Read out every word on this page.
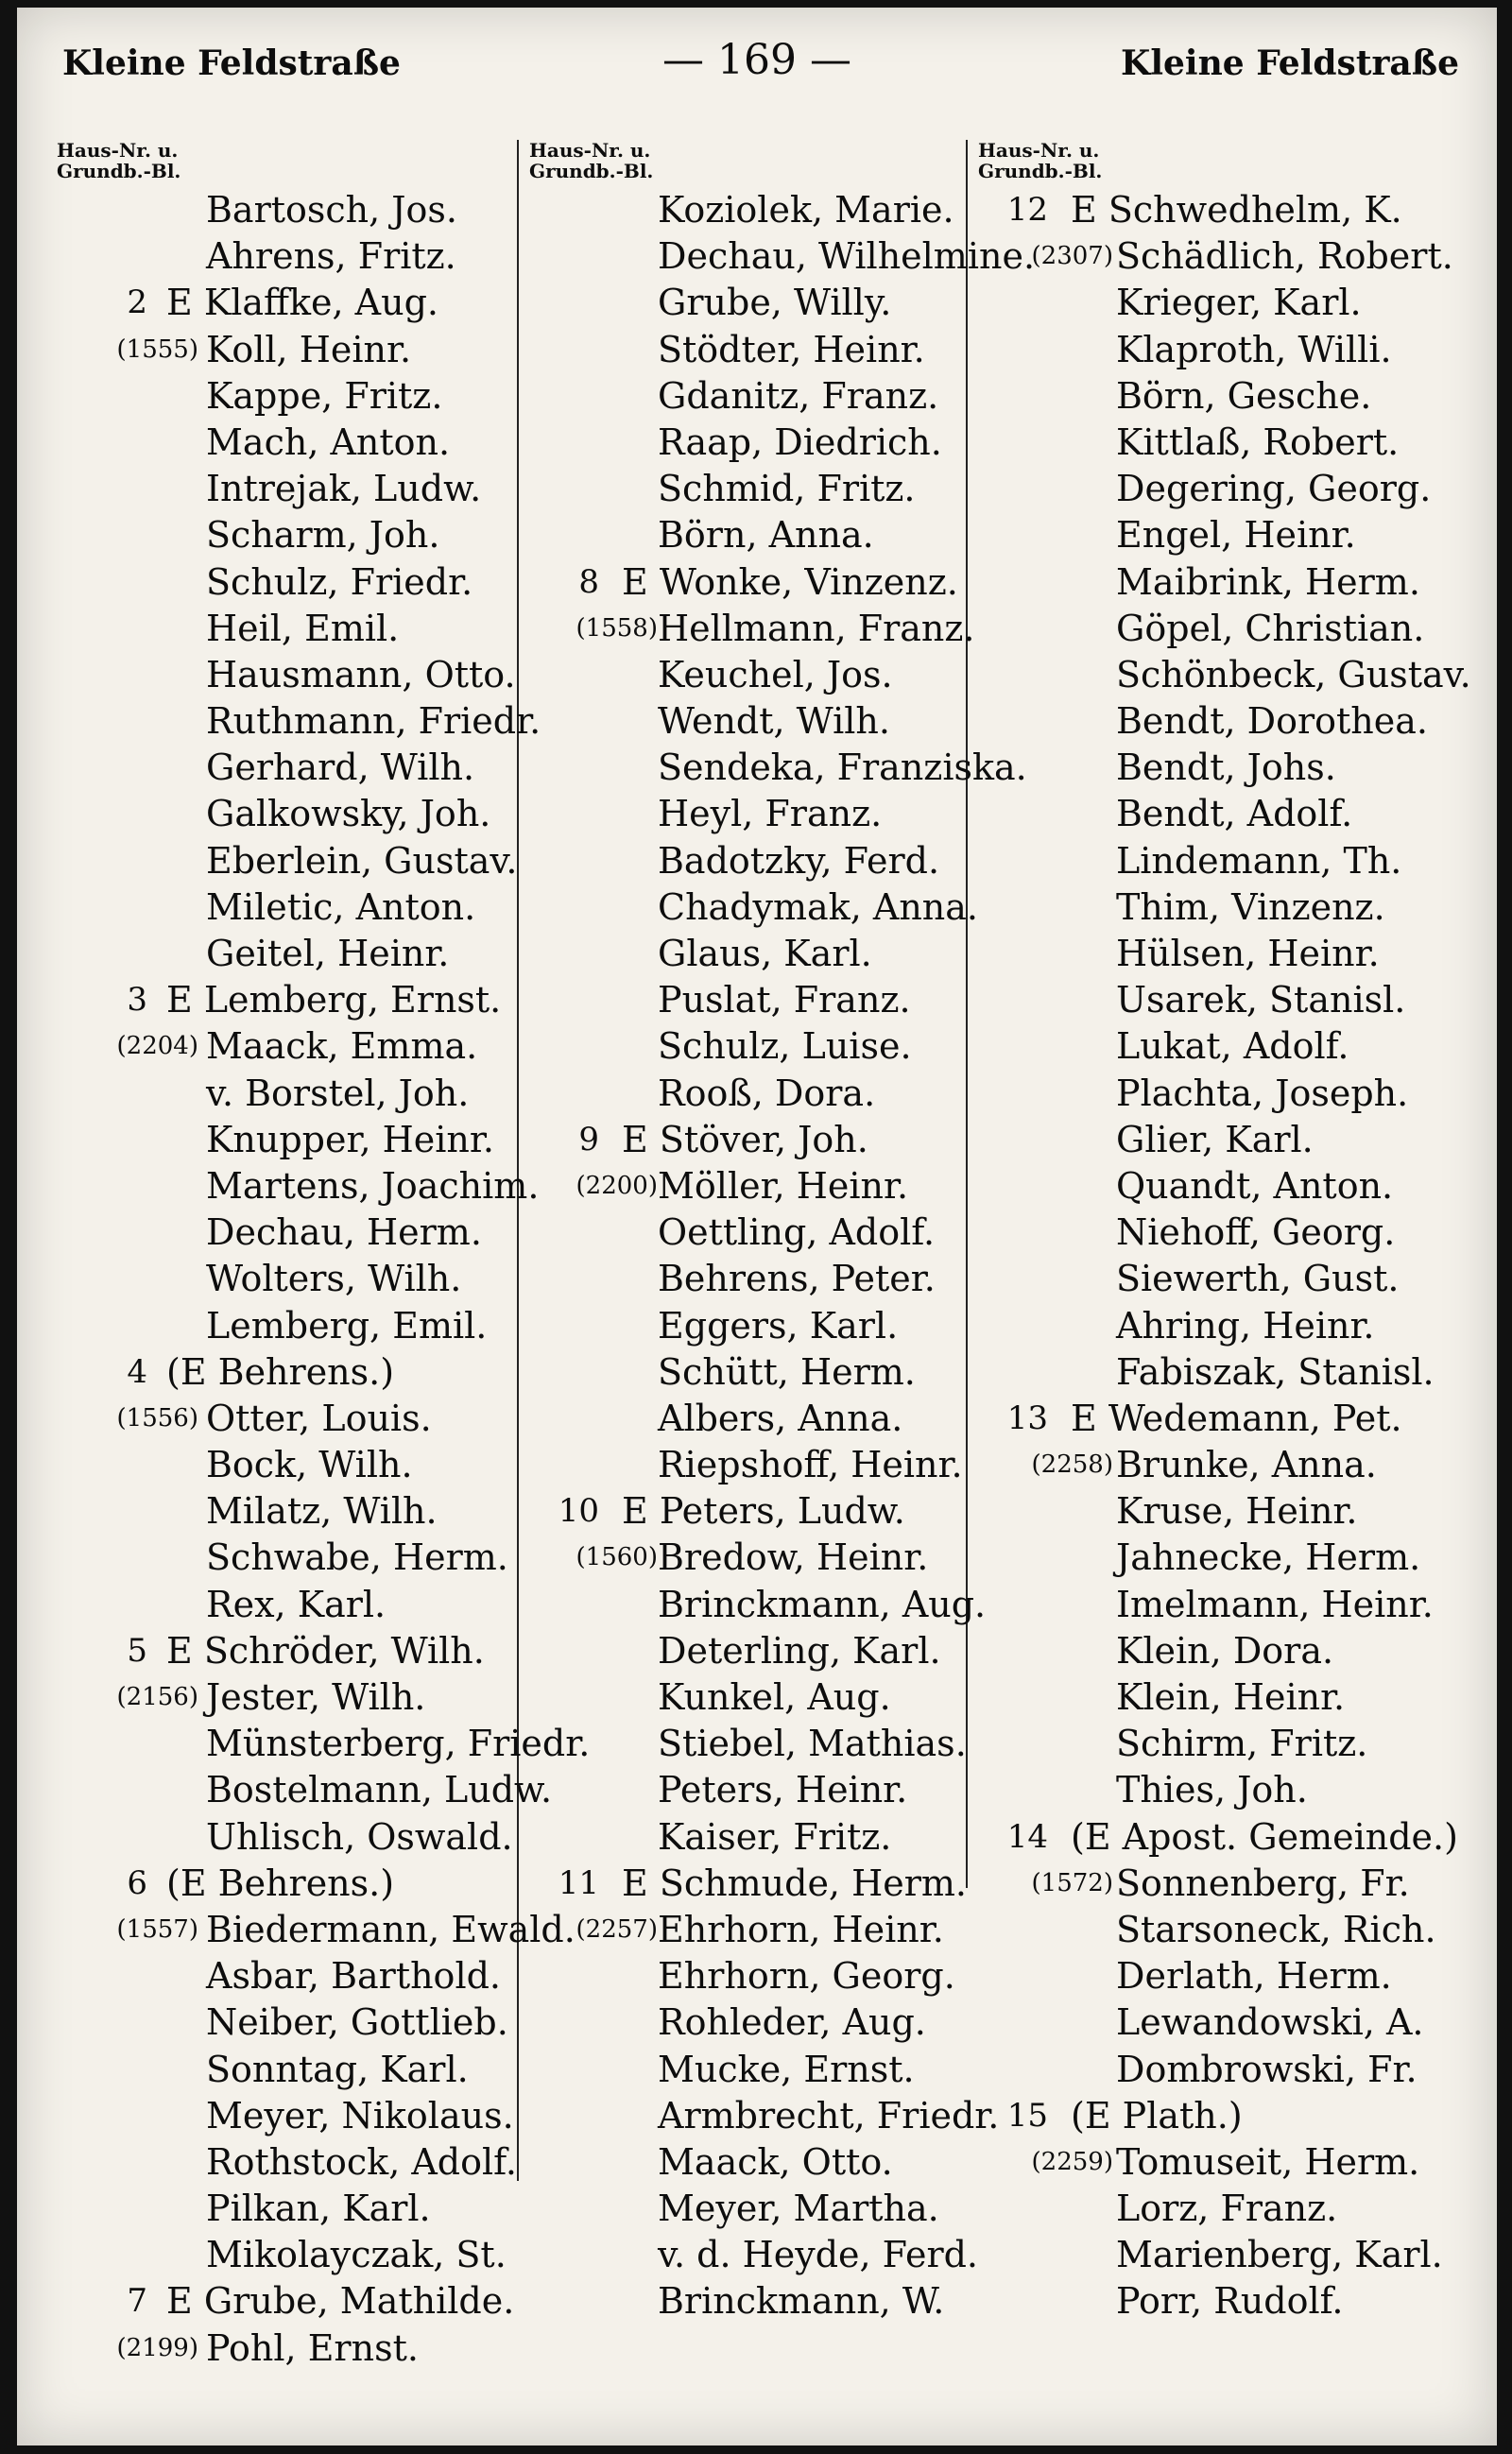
Kleine Feldstraße	— 169 —	Kleine Feldstraße
Haus-Nr. u.
Grundb.-Bl.
Bartosch, Jos.
Ahrens, Fritz.
2 E Klaffke, Aug.
(1555) Koll, Heinr.
Kappe, Fritz.
Mach, Anton.
Intrejak, Ludw.
Scharm, Joh.
Schulz, Friedr.
Heil, Emil.
Hausmann, Otto.
Ruthmann, Friedr.
Gerhard, Wilh.
Galkowsky, Joh.
Eberlein, Gustav.
Miletic, Anton.
Geitel, Heinr.
3 E Lemberg, Ernst.
(2204) Maack, Emma.
v. Borstel, Joh.
Knupper, Heinr.
Martens, Joachim.
Dechau, Herm.
Wolters, Wilh.
Lemberg, Emil.
4 (E Behrens.)
(1556) Otter, Louis.
Bock, Wilh.
Milatz, Wilh.
Schwabe, Herm.
Rex, Karl.
5 E Schröder, Wilh.
(2156) Jester, Wilh.
Münsterberg, Friedr.
Bostelmann, Ludw.
Uhlisch, Oswald.
6 (E Behrens.)
(1557) Biedermann, Ewald.
Asbar, Barthold.
Neiber, Gottlieb.
Sonntag, Karl.
Meyer, Nikolaus.
Rothstock, Adolf.
Pilkan, Karl.
Mikolayczak, St.
7 E Grube, Mathilde.
(2199) Pohl, Ernst.
Haus-Nr. u.
Grundb.-Bl.
Koziolek, Marie.
Dechau, Wilhelmine.
Grube, Willy.
Stödter, Heinr.
Gdanitz, Franz.
Raap, Diedrich.
Schmid, Fritz.
Börn, Anna.
8 E Wonke, Vinzenz.
(1558) Hellmann, Franz.
Keuchel, Jos.
Wendt, Wilh.
Sendeka, Franziska.
Heyl, Franz.
Badotzky, Ferd.
Chadymak, Anna.
Glaus, Karl.
Puslat, Franz.
Schulz, Luise.
Rooß, Dora.
9 E Stöver, Joh.
(2200) Möller, Heinr.
Oettling, Adolf.
Behrens, Peter.
Eggers, Karl.
Schütt, Herm.
Albers, Anna.
Riepshoff, Heinr.
10 E Peters, Ludw.
(1560) Bredow, Heinr.
Brinckmann, Aug.
Deterling, Karl.
Kunkel, Aug.
Stiebel, Mathias.
Peters, Heinr.
Kaiser, Fritz.
11 E Schmude, Herm.
(2257) Ehrhorn, Heinr.
Ehrhorn, Georg.
Rohleder, Aug.
Mucke, Ernst.
Armbrecht, Friedr.
Maack, Otto.
Meyer, Martha.
v. d. Heyde, Ferd.
Brinckmann, W.
Haus-Nr. u.
Grundb.-Bl.
12 E Schwedhelm, K.
(2307) Schädlich, Robert.
Krieger, Karl.
Klaproth, Willi.
Börn, Gesche.
Kittlaß, Robert.
Degering, Georg.
Engel, Heinr.
Maibrink, Herm.
Göpel, Christian.
Schönbeck, Gustav.
Bendt, Dorothea.
Bendt, Johs.
Bendt, Adolf.
Lindemann, Th.
Thim, Vinzenz.
Hülsen, Heinr.
Usarek, Stanisl.
Lukat, Adolf.
Plachta, Joseph.
Glier, Karl.
Quandt, Anton.
Niehoff, Georg.
Siewerth, Gust.
Ahring, Heinr.
Fabiszak, Stanisl.
13 E Wedemann, Pet.
(2258) Brunke, Anna.
Kruse, Heinr.
Jahnecke, Herm.
Imelmann, Heinr.
Klein, Dora.
Klein, Heinr.
Schirm, Fritz.
Thies, Joh.
14 (E Apost. Gemeinde.)
(1572) Sonnenberg, Fr.
Starsoneck, Rich.
Derlath, Herm.
Lewandowski, A.
Dombrowski, Fr.
15 (E Plath.)
(2259) Tomuseit, Herm.
Lorz, Franz.
Marienberg, Karl.
Porr, Rudolf.
